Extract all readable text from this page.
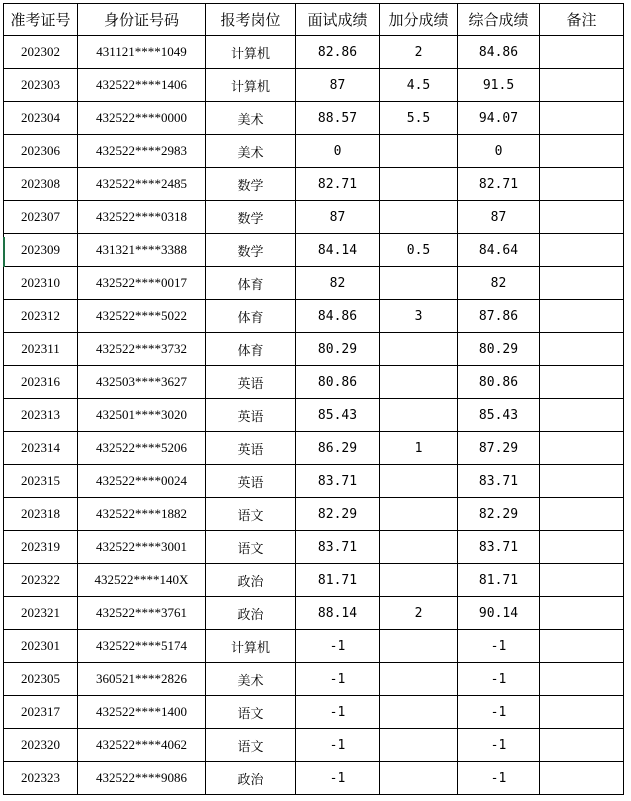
准考证号	身份证号码	报考岗位	面试成绩	加分成绩	综合成绩	备注
202302	431121****1049	计算机	82.86	2	84.86	
202303	432522****1406	计算机	87	4.5	91.5	
202304	432522****0000	美术	88.57	5.5	94.07	
202306	432522****2983	美术	0		0	
202308	432522****2485	数学	82.71		82.71	
202307	432522****0318	数学	87		87	
202309	431321****3388	数学	84.14	0.5	84.64	
202310	432522****0017	体育	82		82	
202312	432522****5022	体育	84.86	3	87.86	
202311	432522****3732	体育	80.29		80.29	
202316	432503****3627	英语	80.86		80.86	
202313	432501****3020	英语	85.43		85.43	
202314	432522****5206	英语	86.29	1	87.29	
202315	432522****0024	英语	83.71		83.71	
202318	432522****1882	语文	82.29		82.29	
202319	432522****3001	语文	83.71		83.71	
202322	432522****140X	政治	81.71		81.71	
202321	432522****3761	政治	88.14	2	90.14	
202301	432522****5174	计算机	-1		-1	
202305	360521****2826	美术	-1		-1	
202317	432522****1400	语文	-1		-1	
202320	432522****4062	语文	-1		-1	
202323	432522****9086	政治	-1		-1	
